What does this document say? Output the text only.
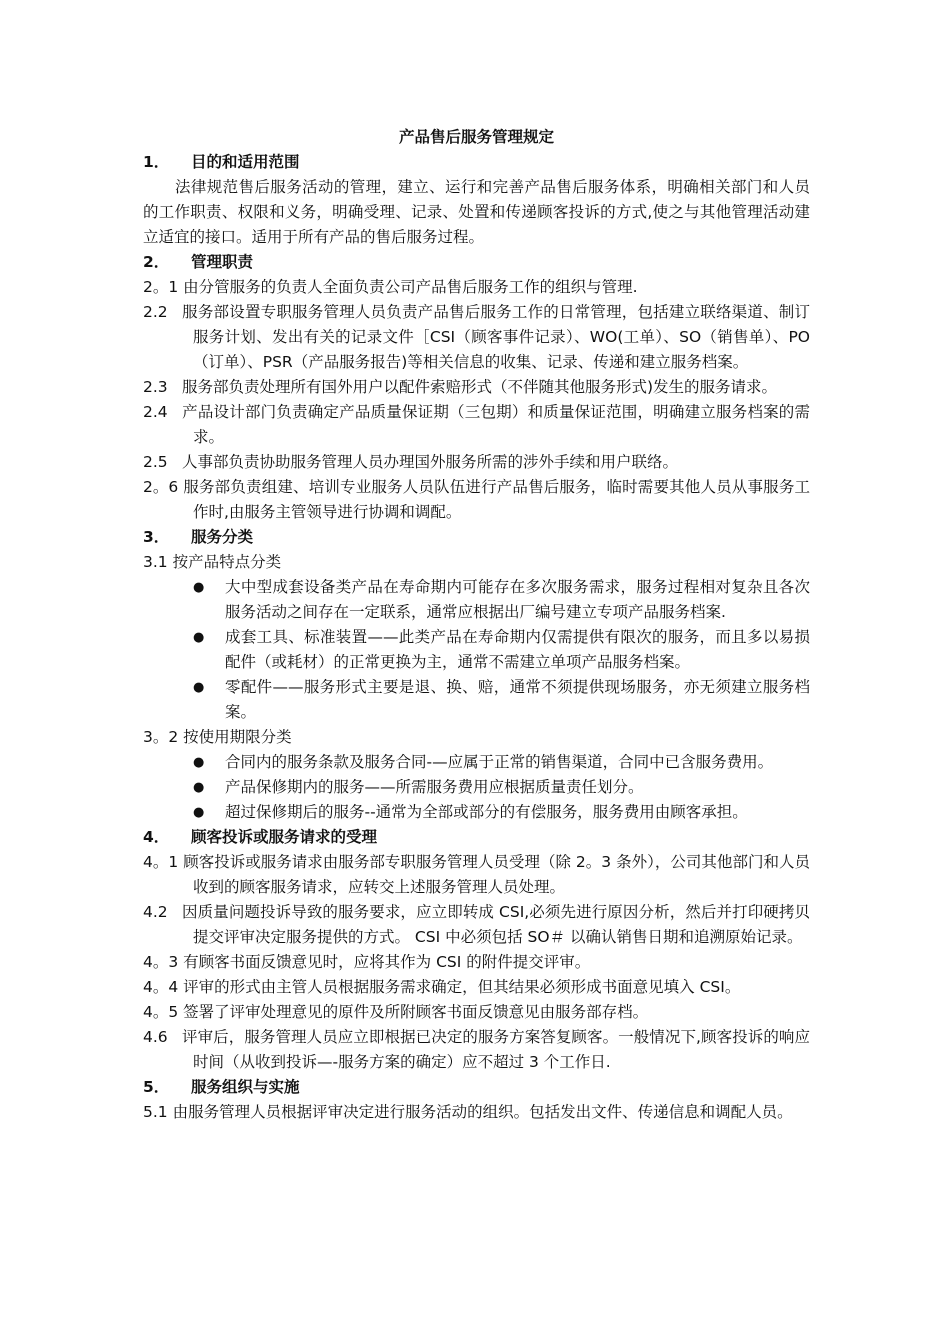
产品售后服务管理规定
1．	目的和适用范围
法律规范售后服务活动的管理，建立、运行和完善产品售后服务体系，明确相关部门和人员的工作职责、权限和义务，明确受理、记录、处置和传递顾客投诉的方式,使之与其他管理活动建立适宜的接口。适用于所有产品的售后服务过程。
2．	管理职责
2。1 由分管服务的负责人全面负责公司产品售后服务工作的组织与管理.
2.2 服务部设置专职服务管理人员负责产品售后服务工作的日常管理，包括建立联络渠道、制订服务计划、发出有关的记录文件［CSI（顾客事件记录）、WO(工单）、SO（销售单）、PO（订单）、PSR（产品服务报告)等相关信息的收集、记录、传递和建立服务档案。
2.3 服务部负责处理所有国外用户以配件索赔形式（不伴随其他服务形式)发生的服务请求。
2.4 产品设计部门负责确定产品质量保证期（三包期）和质量保证范围，明确建立服务档案的需求。
2.5 人事部负责协助服务管理人员办理国外服务所需的涉外手续和用户联络。
2。6 服务部负责组建、培训专业服务人员队伍进行产品售后服务，临时需要其他人员从事服务工作时,由服务主管领导进行协调和调配。
3．	服务分类
3.1 按产品特点分类
●	大中型成套设备类产品在寿命期内可能存在多次服务需求，服务过程相对复杂且各次服务活动之间存在一定联系，通常应根据出厂编号建立专项产品服务档案.
●	成套工具、标准装置——此类产品在寿命期内仅需提供有限次的服务，而且多以易损配件（或耗材）的正常更换为主，通常不需建立单项产品服务档案。
●	零配件——服务形式主要是退、换、赔，通常不须提供现场服务，亦无须建立服务档案。
3。2 按使用期限分类
●	合同内的服务条款及服务合同-—应属于正常的销售渠道，合同中已含服务费用。
●	产品保修期内的服务——所需服务费用应根据质量责任划分。
●	超过保修期后的服务--通常为全部或部分的有偿服务，服务费用由顾客承担。
4．	顾客投诉或服务请求的受理
4。1 顾客投诉或服务请求由服务部专职服务管理人员受理（除 2。3 条外），公司其他部门和人员收到的顾客服务请求，应转交上述服务管理人员处理。
4.2 因质量问题投诉导致的服务要求，应立即转成 CSI,必须先进行原因分析，然后并打印硬拷贝提交评审决定服务提供的方式。 CSI 中必须包括 SO＃ 以确认销售日期和追溯原始记录。
4。3 有顾客书面反馈意见时，应将其作为 CSI 的附件提交评审。
4。4 评审的形式由主管人员根据服务需求确定，但其结果必须形成书面意见填入 CSI。
4。5 签署了评审处理意见的原件及所附顾客书面反馈意见由服务部存档。
4.6 评审后，服务管理人员应立即根据已决定的服务方案答复顾客。一般情况下,顾客投诉的响应时间（从收到投诉—-服务方案的确定）应不超过 3 个工作日.
5．	服务组织与实施
5.1 由服务管理人员根据评审决定进行服务活动的组织。包括发出文件、传递信息和调配人员。
